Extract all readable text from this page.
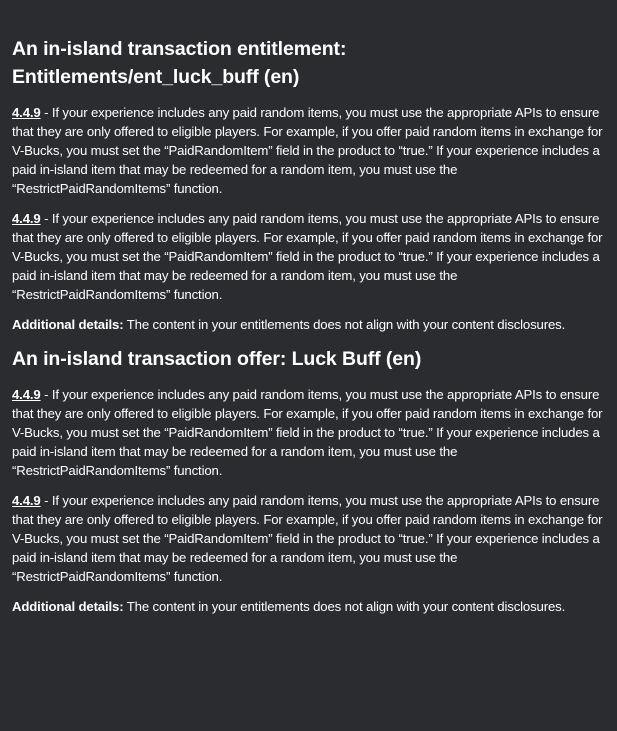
An in-island transaction entitlement:
Entitlements/ent_luck_buff (en)

4.4.9 - If your experience includes any paid random items, you must use the appropriate APIs to ensure that they are only offered to eligible players. For example, if you offer paid random items in exchange for V-Bucks, you must set the “PaidRandomItem” field in the product to “true.” If your experience includes a paid in-island item that may be redeemed for a random item, you must use the “RestrictPaidRandomItems” function.

4.4.9 - If your experience includes any paid random items, you must use the appropriate APIs to ensure that they are only offered to eligible players. For example, if you offer paid random items in exchange for V-Bucks, you must set the “PaidRandomItem” field in the product to “true.” If your experience includes a paid in-island item that may be redeemed for a random item, you must use the “RestrictPaidRandomItems” function.

Additional details: The content in your entitlements does not align with your content disclosures.

An in-island transaction offer: Luck Buff (en)

4.4.9 - If your experience includes any paid random items, you must use the appropriate APIs to ensure that they are only offered to eligible players. For example, if you offer paid random items in exchange for V-Bucks, you must set the “PaidRandomItem” field in the product to “true.” If your experience includes a paid in-island item that may be redeemed for a random item, you must use the “RestrictPaidRandomItems” function.

4.4.9 - If your experience includes any paid random items, you must use the appropriate APIs to ensure that they are only offered to eligible players. For example, if you offer paid random items in exchange for V-Bucks, you must set the “PaidRandomItem” field in the product to “true.” If your experience includes a paid in-island item that may be redeemed for a random item, you must use the “RestrictPaidRandomItems” function.

Additional details: The content in your entitlements does not align with your content disclosures.
